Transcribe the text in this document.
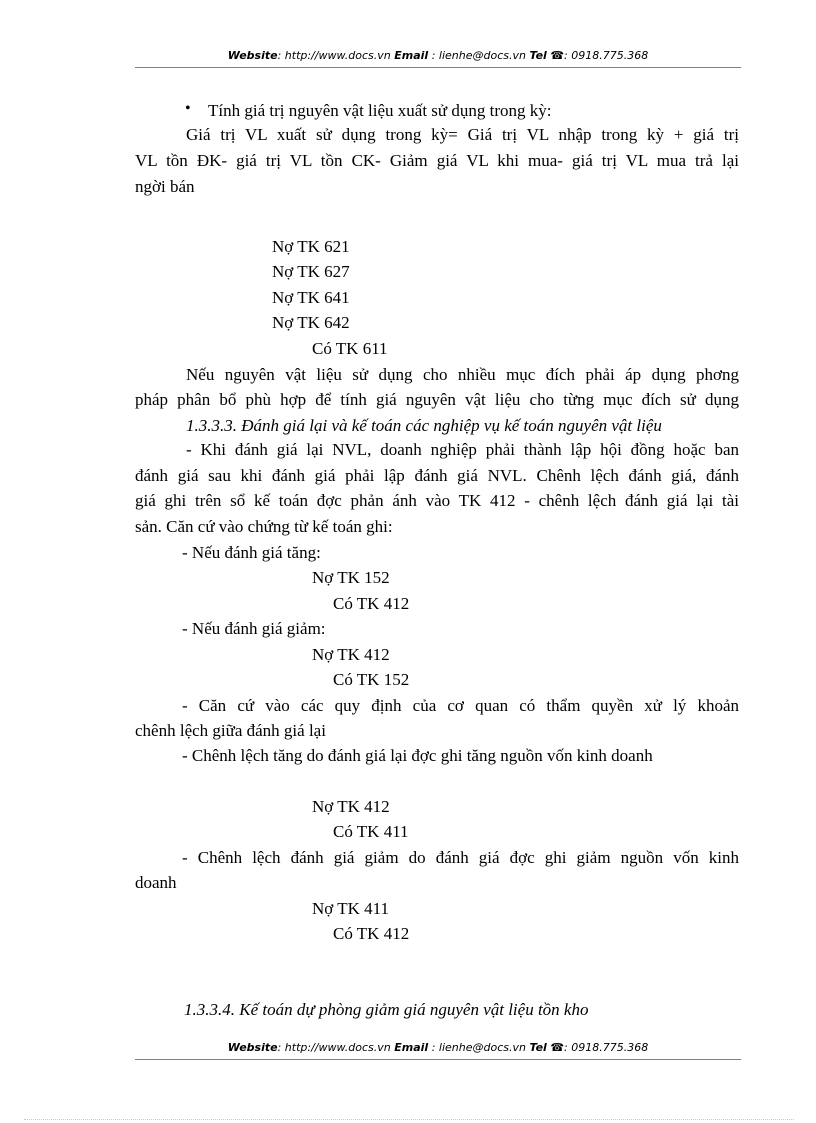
Website: http://www.docs.vn Email : lienhe@docs.vn Tel ☎: 0918.775.368
• Tính giá trị nguyên vật liệu xuất sử dụng trong kỳ:
Giá trị VL xuất sử dụng trong kỳ= Giá trị VL nhập trong kỳ + giá trị
VL tồn ĐK- giá trị VL tồn CK- Giảm giá VL khi mua- giá trị VL mua trả lại
ngời bán
Nợ TK 621
Nợ TK 627
Nợ TK 641
Nợ TK 642
Có TK 611
Nếu nguyên vật liệu sử dụng cho nhiều mục đích phải áp dụng phơng
pháp phân bổ phù hợp để tính giá nguyên vật liệu cho từng mục đích sử dụng
1.3.3.3. Đánh giá lại và kế toán các nghiệp vụ kế toán nguyên vật liệu
- Khi đánh giá lại NVL, doanh nghiệp phải thành lập hội đồng hoặc ban
đánh giá sau khi đánh giá phải lập đánh giá NVL. Chênh lệch đánh giá, đánh
giá ghi trên sổ kế toán đợc phản ánh vào TK 412 - chênh lệch đánh giá lại tài
sản. Căn cứ vào chứng từ kế toán ghi:
- Nếu đánh giá tăng:
Nợ TK 152
Có TK 412
- Nếu đánh giá giảm:
Nợ TK 412
Có TK 152
- Căn cứ vào các quy định của cơ quan có thẩm quyền xử lý khoản
chênh lệch giữa đánh giá lại
- Chênh lệch tăng do đánh giá lại đợc ghi tăng nguồn vốn kinh doanh
Nợ TK 412
Có TK 411
- Chênh lệch đánh giá giảm do đánh giá đợc ghi giảm nguồn vốn kinh
doanh
Nợ TK 411
Có TK 412
1.3.3.4. Kế toán dự phòng giảm giá nguyên vật liệu tồn kho
Website: http://www.docs.vn Email : lienhe@docs.vn Tel ☎: 0918.775.368
